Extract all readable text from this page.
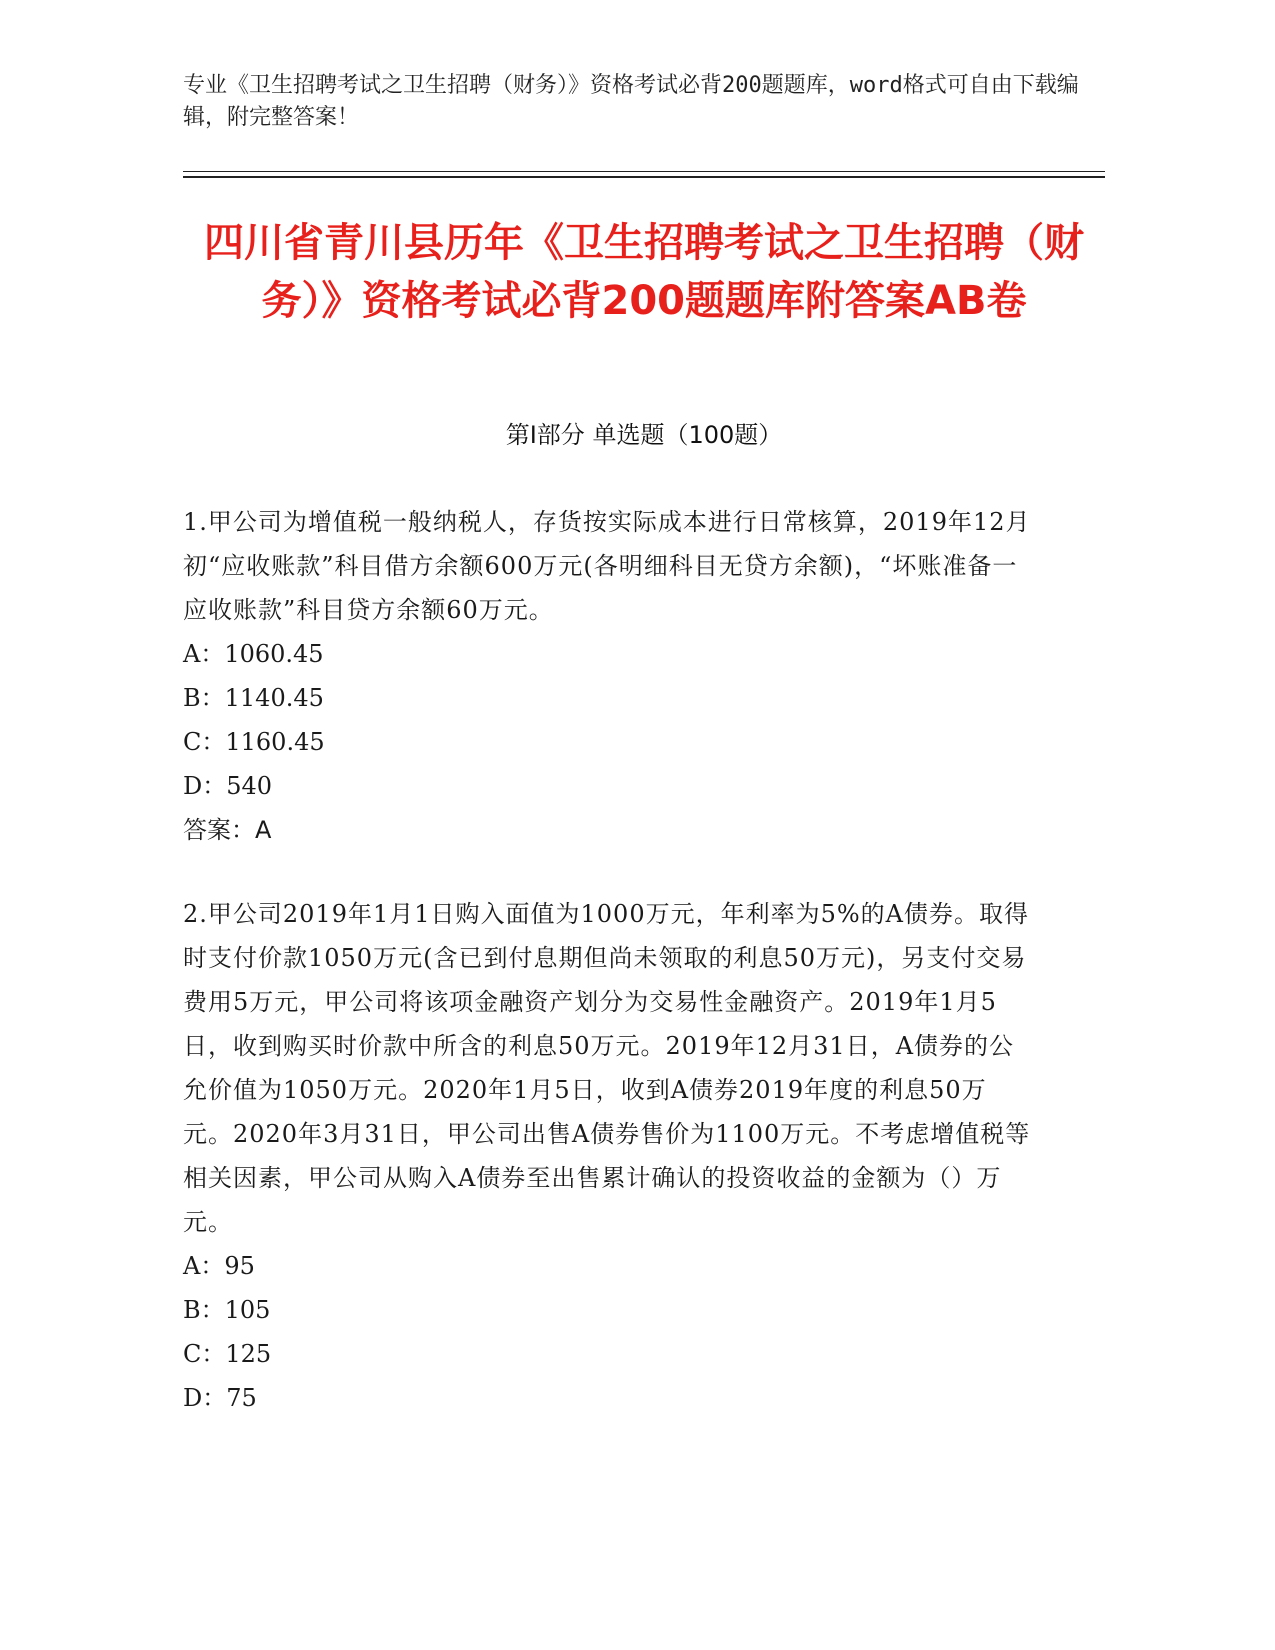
专业《卫生招聘考试之卫生招聘（财务）》资格考试必背200题题库，word格式可自由下载编辑，附完整答案！
四川省青川县历年《卫生招聘考试之卫生招聘（财务）》资格考试必背200题题库附答案AB卷
第Ⅰ部分 单选题（100题）
1.甲公司为增值税一般纳税人，存货按实际成本进行日常核算，2019年12月初“应收账款”科目借方余额600万元(各明细科目无贷方余额)，“坏账准备一应收账款”科目贷方余额60万元。
A：1060.45
B：1140.45
C：1160.45
D：540
答案：A
2.甲公司2019年1月1日购入面值为1000万元，年利率为5%的A债券。取得时支付价款1050万元(含已到付息期但尚未领取的利息50万元)，另支付交易费用5万元，甲公司将该项金融资产划分为交易性金融资产。2019年1月5日，收到购买时价款中所含的利息50万元。2019年12月31日，A债券的公允价值为1050万元。2020年1月5日，收到A债券2019年度的利息50万元。2020年3月31日，甲公司出售A债券售价为1100万元。不考虑增值税等相关因素，甲公司从购入A债券至出售累计确认的投资收益的金额为（）万元。
A：95
B：105
C：125
D：75
